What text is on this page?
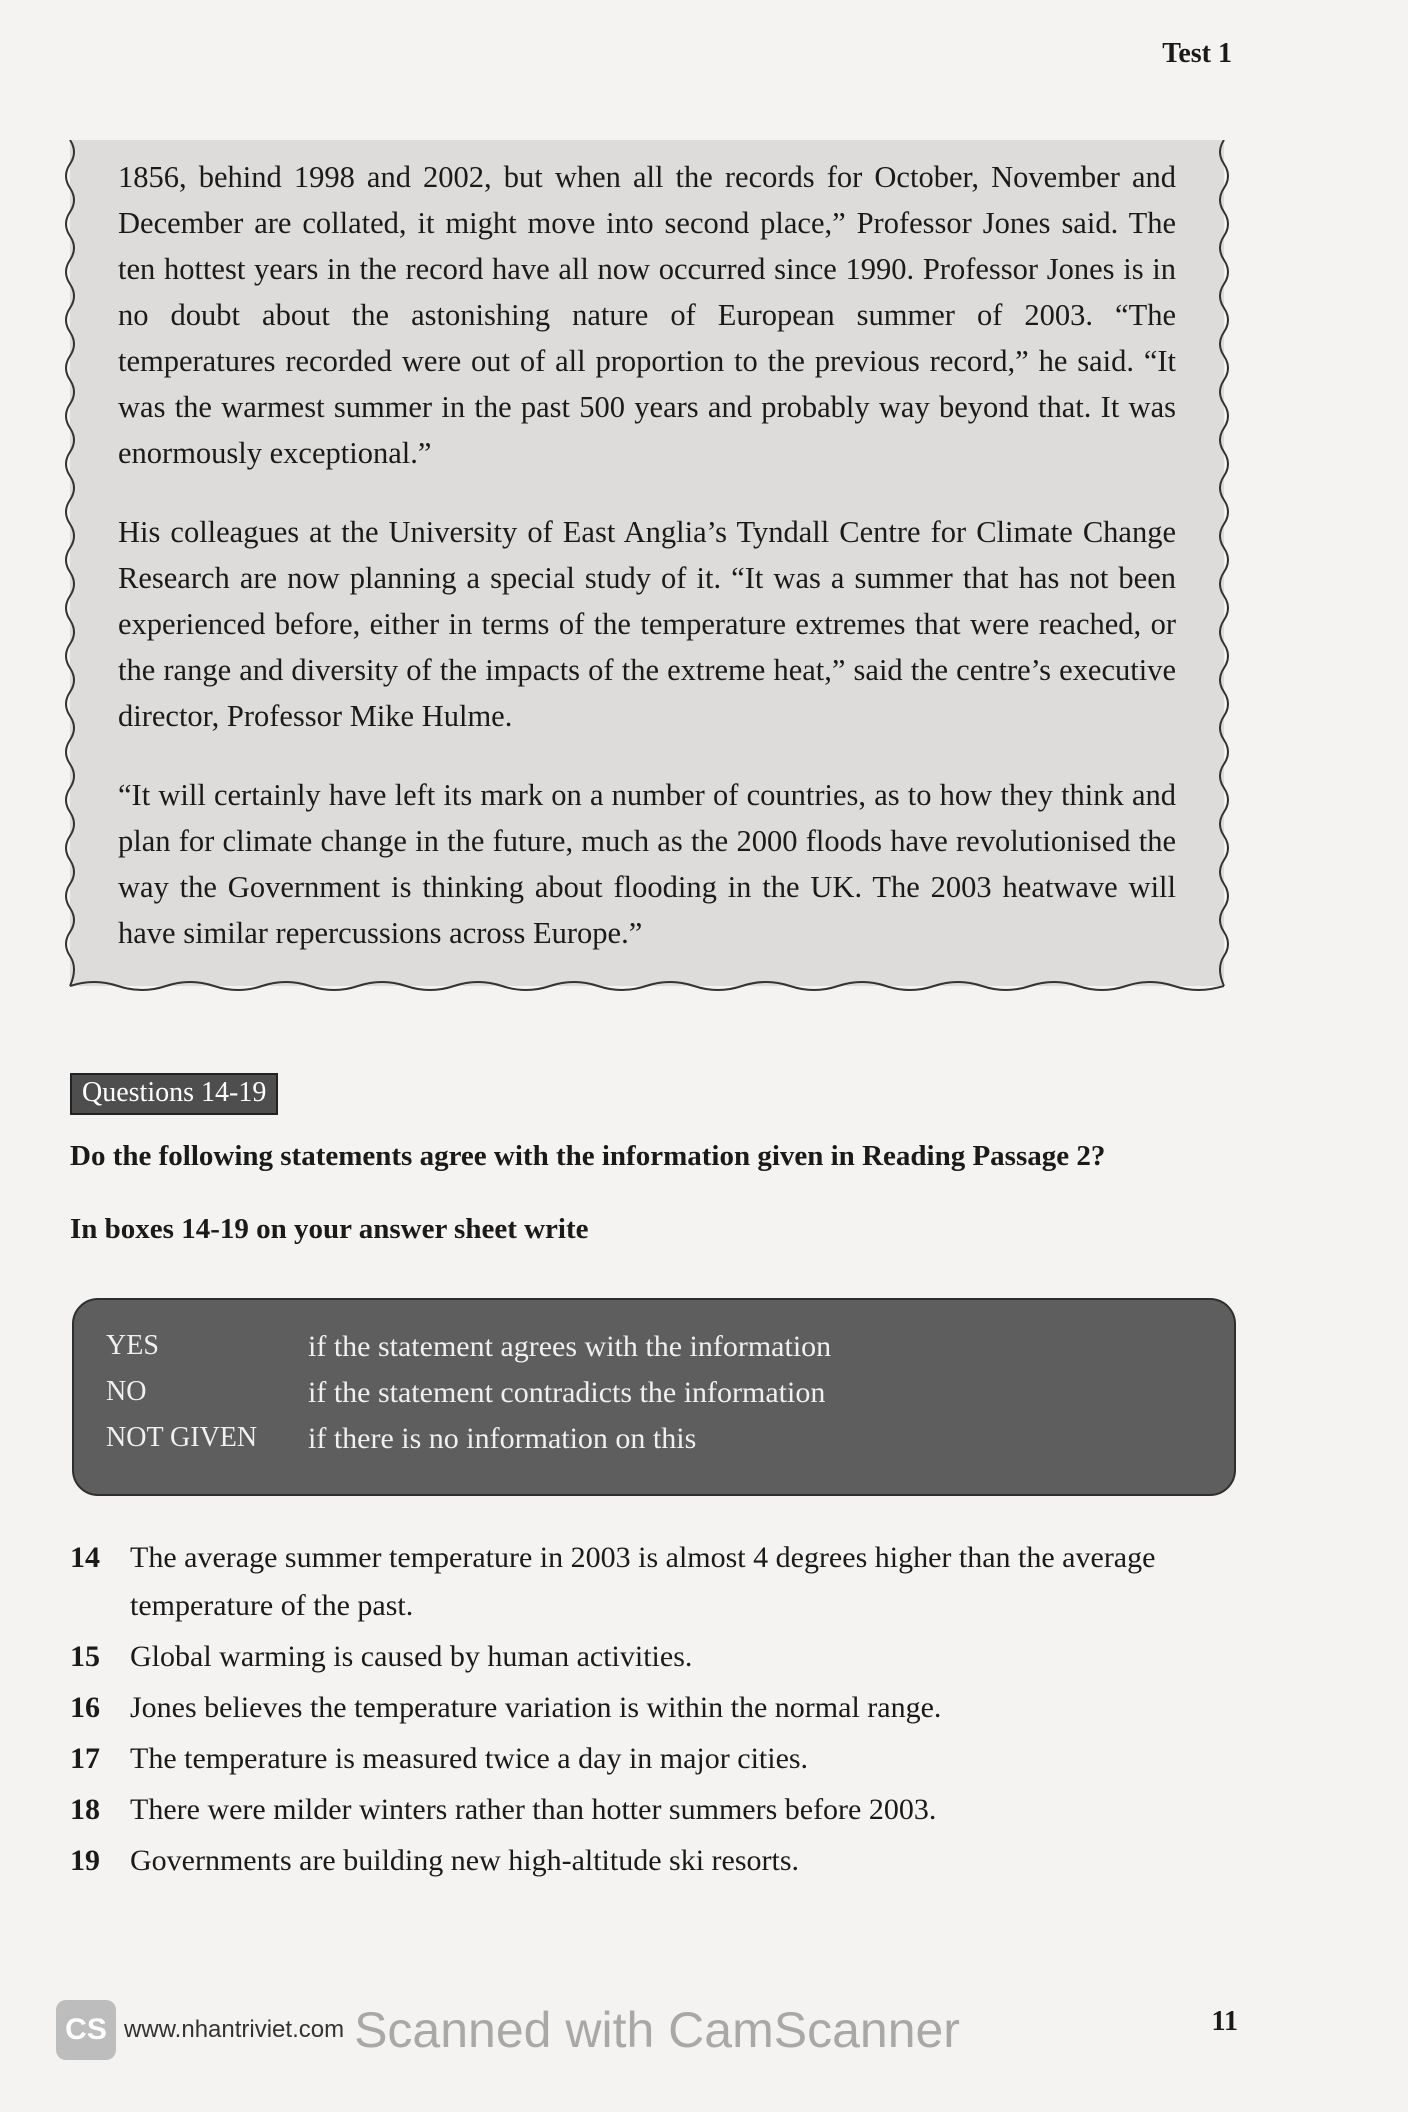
Test 1

1856, behind 1998 and 2002, but when all the records for October, November and December are collated, it might move into second place,” Professor Jones said. The ten hottest years in the record have all now occurred since 1990. Professor Jones is in no doubt about the astonishing nature of European summer of 2003. “The temperatures recorded were out of all proportion to the previous record,” he said. “It was the warmest summer in the past 500 years and probably way beyond that. It was enormously exceptional.”

His colleagues at the University of East Anglia’s Tyndall Centre for Climate Change Research are now planning a special study of it. “It was a summer that has not been experienced before, either in terms of the temperature extremes that were reached, or the range and diversity of the impacts of the extreme heat,” said the centre’s executive director, Professor Mike Hulme.

“It will certainly have left its mark on a number of countries, as to how they think and plan for climate change in the future, much as the 2000 floods have revolutionised the way the Government is thinking about flooding in the UK. The 2003 heatwave will have similar repercussions across Europe.”

Questions 14-19

Do the following statements agree with the information given in Reading Passage 2?

In boxes 14-19 on your answer sheet write

YES	if the statement agrees with the information
NO	if the statement contradicts the information
NOT GIVEN	if there is no information on this
14	The average summer temperature in 2003 is almost 4 degrees higher than the average temperature of the past.
15	Global warming is caused by human activities.
16	Jones believes the temperature variation is within the normal range.
17	The temperature is measured twice a day in major cities.
18	There were milder winters rather than hotter summers before 2003.
19	Governments are building new high-altitude ski resorts.
CS www.nhantriviet.com Scanned with CamScanner	11
